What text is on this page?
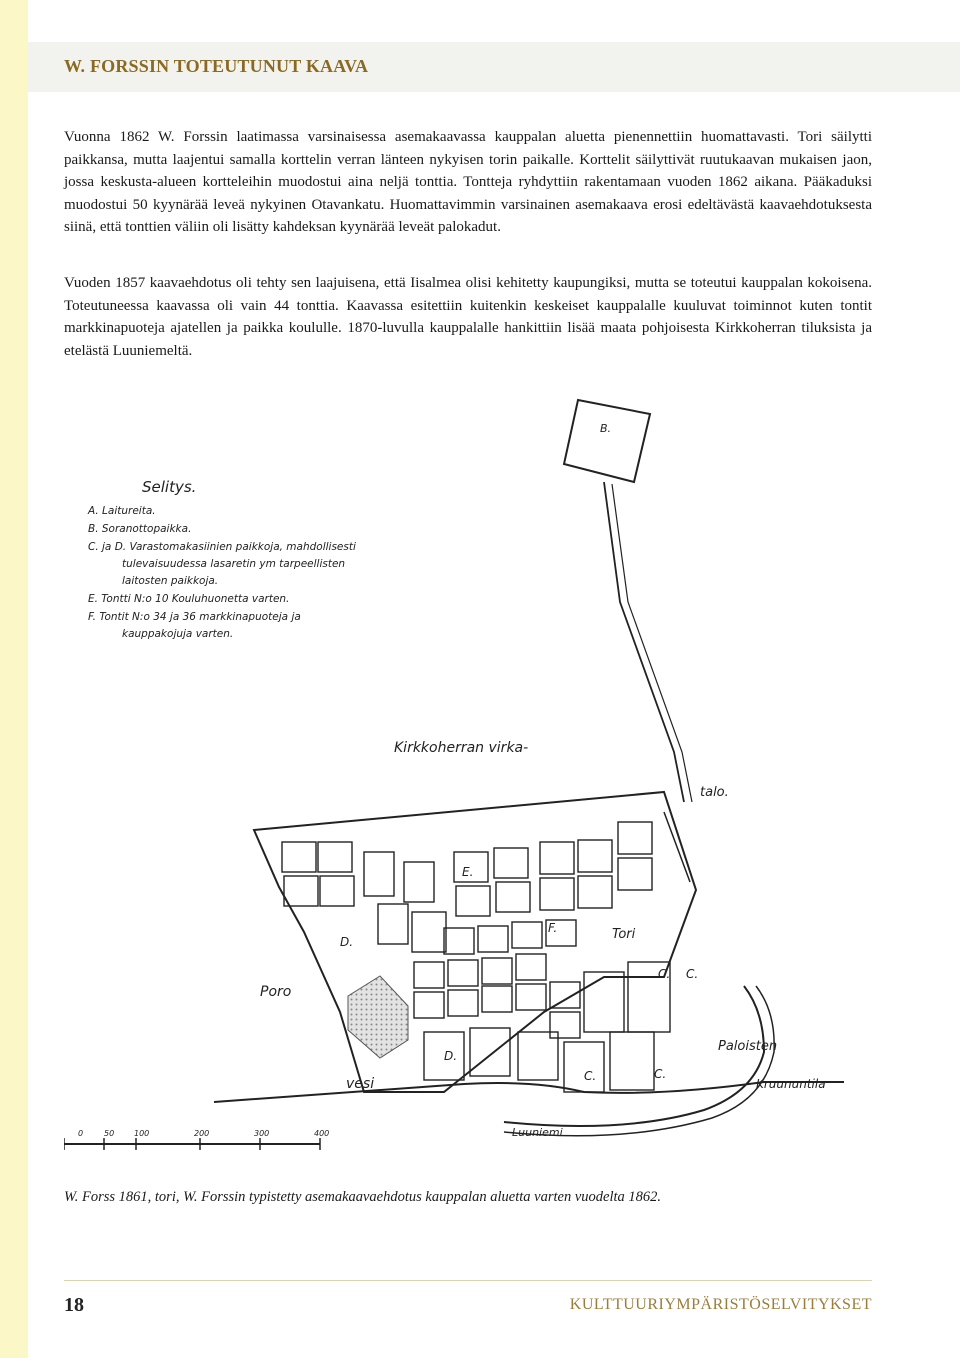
W. FORSSIN TOTEUTUNUT KAAVA

Vuonna 1862 W. Forssin laatimassa varsinaisessa asemakaavassa kauppalan aluetta pienennettiin huomattavasti. Tori säilytti paikkansa, mutta laajentui samalla korttelin verran länteen nykyisen torin paikalle. Korttelit säilyttivät ruutukaavan mukaisen jaon, jossa keskusta-alueen kortteleihin muodostui aina neljä tonttia. Tontteja ryhdyttiin rakentamaan vuoden 1862 aikana. Pääkaduksi muodostui 50 kyynärää leveä nykyinen Otavankatu. Huomattavimmin varsinainen asemakaava erosi edeltävästä kaavaehdotuksesta siinä, että tonttien väliin oli lisätty kahdeksan kyynärää leveät palokadut.

Vuoden 1857 kaavaehdotus oli tehty sen laajuisena, että Iisalmea olisi kehitetty kaupungiksi, mutta se toteutui kauppalan kokoisena. Toteutuneessa kaavassa oli vain 44 tonttia. Kaavassa esitettiin kuitenkin keskeiset kauppalalle kuuluvat toiminnot kuten tontit markkinapuoteja ajatellen ja paikka koululle. 1870-luvulla kauppalalle hankittiin lisää maata pohjoisesta Kirkkoherran tiluksista ja etelästä Luuniemeltä.

Selitys.
A. Laitureita.
B. Soranottopaikka.
C. ja D. Varastomakasiinien paikkoja, mahdollisesti
tulevaisuudessa lasaretin ym tarpeellisten
laitosten paikkoja.
E. Tontti N:o 10 Kouluhuonetta varten.
F. Tontit N:o 34 ja 36 markkinapuoteja ja
kauppakojuja varten.
B.
Tori
Kirkkoherran virka-
talo.
Poro
vesi
Paloisten
Kruununtila
Luuniemi
D.
D.
C.
C.	C.
C.
E.
F.
0	50 100	200	300	400

W. Forss 1861, tori, W. Forssin typistetty asemakaavaehdotus kauppalan aluetta varten vuodelta 1862.

18	KULTTUURIYMPÄRISTÖSELVITYKSET
